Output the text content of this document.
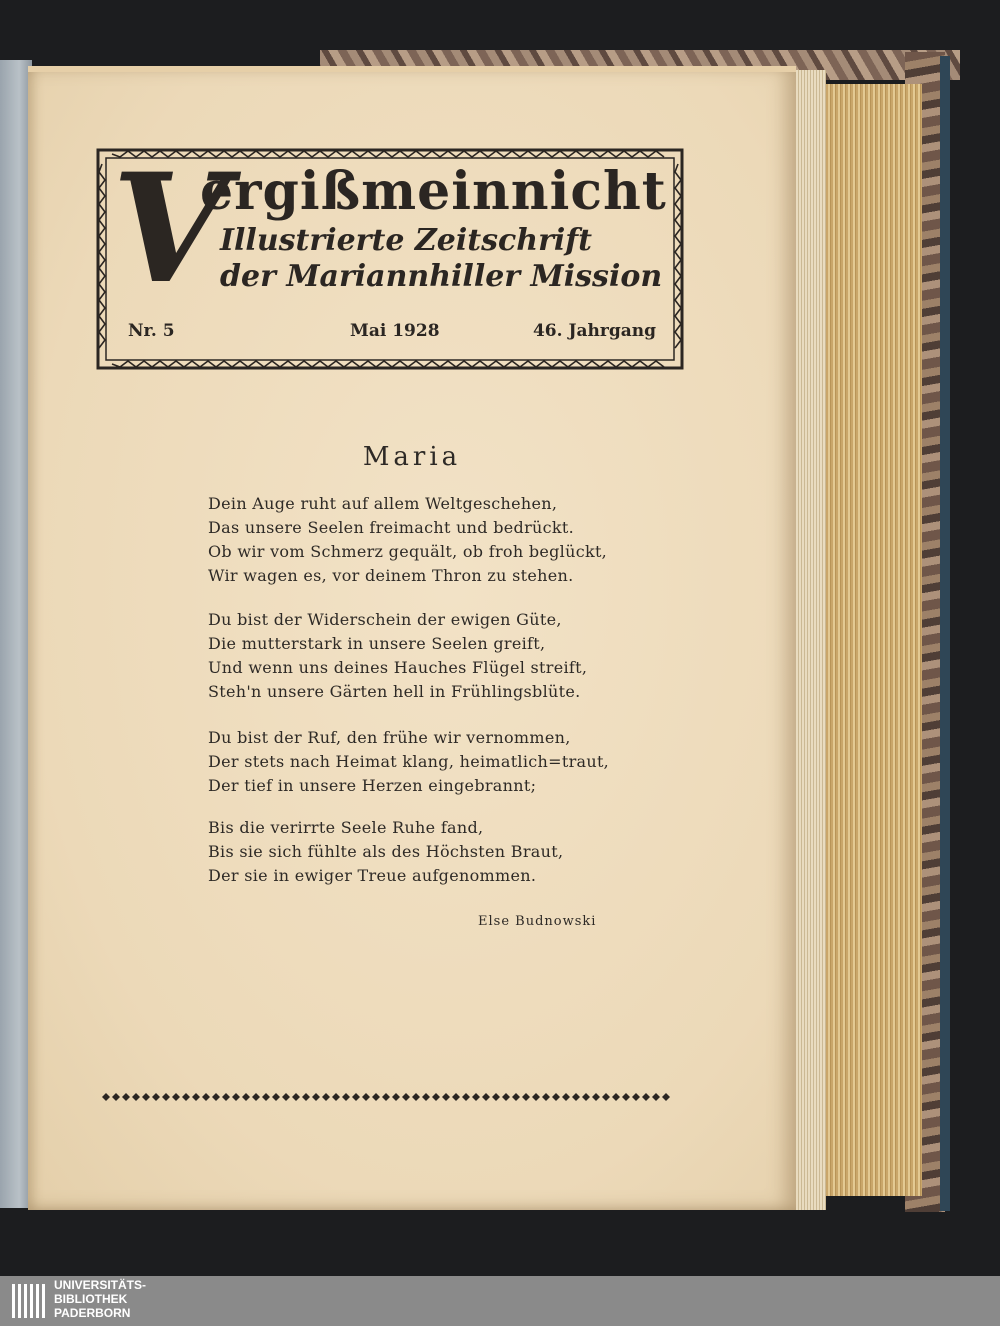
V
ergißmeinnicht
Illustrierte Zeitschrift
der Mariannhiller Mission
Nr. 5	Mai 1928	46. Jahrgang
Maria
Dein Auge ruht auf allem Weltgeschehen,
Das unsere Seelen freimacht und bedrückt.
Ob wir vom Schmerz gequält, ob froh beglückt,
Wir wagen es, vor deinem Thron zu stehen.
Du bist der Widerschein der ewigen Güte,
Die mutterstark in unsere Seelen greift,
Und wenn uns deines Hauches Flügel streift,
Steh'n unsere Gärten hell in Frühlingsblüte.
Du bist der Ruf, den frühe wir vernommen,
Der stets nach Heimat klang, heimatlich=traut,
Der tief in unsere Herzen eingebrannt;
Bis die verirrte Seele Ruhe fand,
Bis sie sich fühlte als des Höchsten Braut,
Der sie in ewiger Treue aufgenommen.
Else Budnowski
UNIVERSITÄTS-
BIBLIOTHEK
PADERBORN
